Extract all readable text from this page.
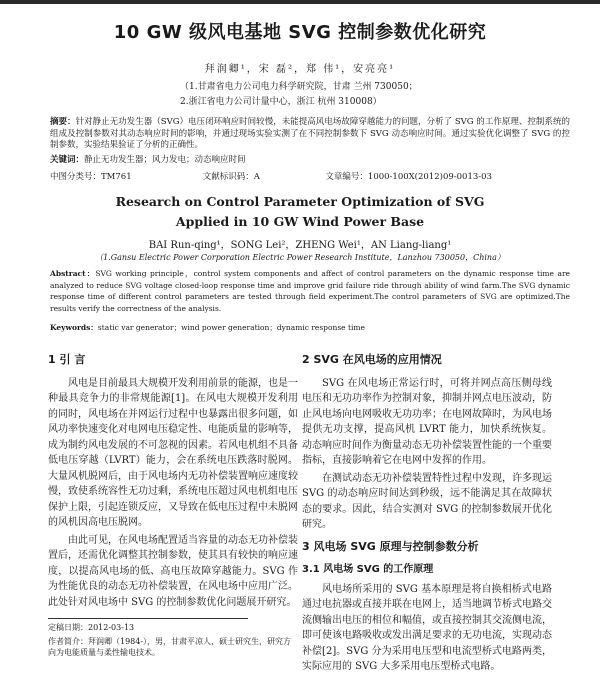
10 GW 级风电基地 SVG 控制参数优化研究
拜润卿¹，宋 磊²，郑 伟¹，安亮亮¹
（1.甘肃省电力公司电力科学研究院，甘肃 兰州 730050；
2.浙江省电力公司计量中心，浙江 杭州 310008）
摘要：针对静止无功发生器（SVG）电压闭环响应时间较慢，未能提高风电场故障穿越能力的问题，分析了 SVG 的工作原理、控制系统的组成及控制参数对其动态响应时间的影响，并通过现场实验实测了在不同控制参数下 SVG 动态响应时间。通过实验优化调整了 SVG 的控制参数，实验结果验证了分析的正确性。
关键词：静止无功发生器；风力发电；动态响应时间
中图分类号：TM761	文献标识码：A	文章编号：1000-100X(2012)09-0013-03
Research on Control Parameter Optimization of SVG
Applied in 10 GW Wind Power Base
BAI Run-qing¹，SONG Lei²，ZHENG Wei¹，AN Liang-liang¹
（1.Gansu Electric Power Corporation Electric Power Research Institute，Lanzhou 730050，China）
Abstract：SVG working principle，control system components and affect of control parameters on the dynamic response time are analyzed to reduce SVG voltage closed-loop response time and improve grid failure ride through ability of wind farm.The SVG dynamic response time of different control parameters are tested through field experiment.The control parameters of SVG are optimized.The results verify the correctness of the analysis.
Keywords：static var generator；wind power generation；dynamic response time
1 引 言

风电是目前最具大规模开发利用前景的能源，也是一种最具竞争力的非常规能源[1]。在风电大规模开发利用的同时，风电场在并网运行过程中也暴露出很多问题，如风功率快速变化对电网电压稳定性、电能质量的影响等，成为制约风电发展的不可忽视的因素。若风电机组不具备低电压穿越（LVRT）能力，会在系统电压跌落时脱网。大量风机脱网后，由于风电场内无功补偿装置响应速度较慢，致使系统容性无功过剩，系统电压超过风电机组电压保护上限，引起连锁反应，又导致在低电压过程中未脱网的风机因高电压脱网。

由此可见，在风电场配置适当容量的动态无功补偿装置后，还需优化调整其控制参数，使其具有较快的响应速度，以提高风电场的低、高电压故障穿越能力。SVG 作为性能优良的动态无功补偿装置，在风电场中应用广泛。此处针对风电场中 SVG 的控制参数优化问题展开研究。

2 SVG 在风电场的应用情况

SVG 在风电场正常运行时，可将并网点高压侧母线电压和无功功率作为控制对象，抑制并网点电压波动，防止风电场向电网吸收无功功率；在电网故障时，为风电场提供无功支撑，提高风机 LVRT 能力，加快系统恢复。动态响应时间作为衡量动态无功补偿装置性能的一个重要指标，直接影响着它在电网中发挥的作用。

在测试动态无功补偿装置特性过程中发现，许多现运 SVG 的动态响应时间达到秒级，远不能满足其在故障状态的要求。因此，结合实测对 SVG 的控制参数展开优化研究。

3 风电场 SVG 原理与控制参数分析
3.1 风电场 SVG 的工作原理

风电场所采用的 SVG 基本原理是将自换相桥式电路通过电抗器或直接并联在电网上，适当地调节桥式电路交流侧输出电压的相位和幅值，或直接控制其交流侧电流，即可使该电路吸收或发出满足要求的无功电流，实现动态补偿[2]。SVG 分为采用电压型和电流型桥式电路两类，实际应用的 SVG 大多采用电压型桥式电路。

定稿日期：2012-03-13
作者简介：拜润卿（1984-），男，甘肃平凉人，硕士研究生，研究方向为电能质量与柔性输电技术。
